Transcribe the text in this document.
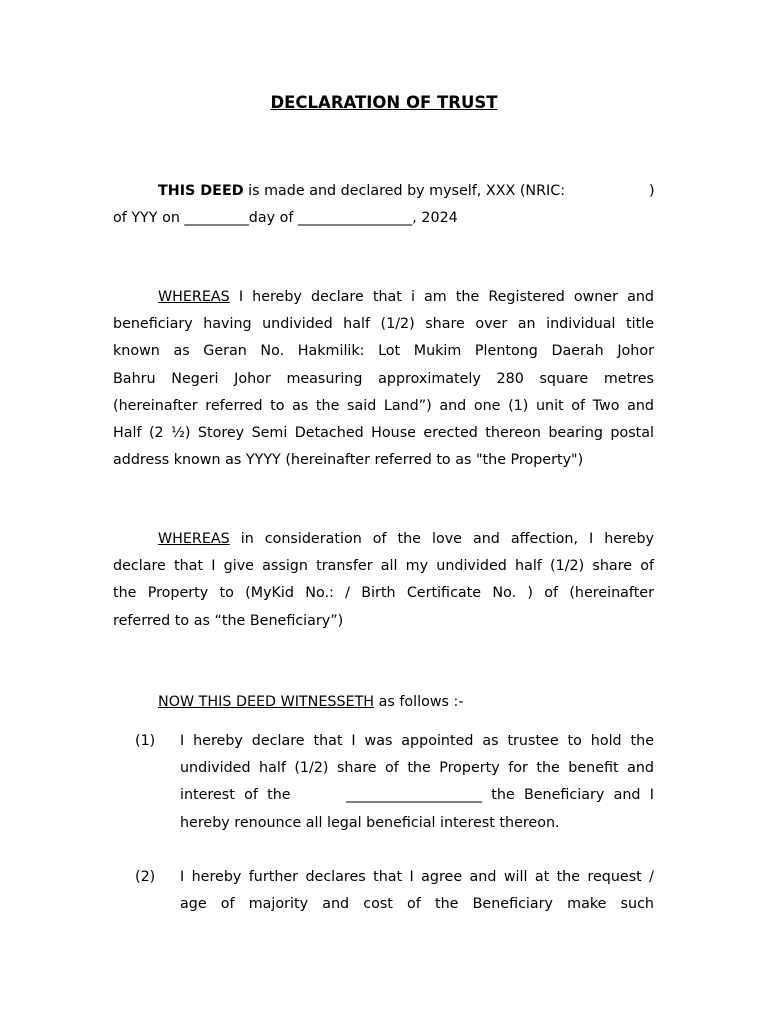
DECLARATION OF TRUST
THIS DEED is made and declared by myself, XXX (NRIC:	)
of YYY on _________day of ________________, 2024
WHEREAS I hereby declare that i am the Registered owner and
beneficiary having undivided half (1/2) share over an individual title
known as Geran No. Hakmilik: Lot Mukim Plentong Daerah Johor
Bahru Negeri Johor measuring approximately 280 square metres
(hereinafter referred to as the said Land”) and one (1) unit of Two and
Half (2 ½) Storey Semi Detached House erected thereon bearing postal
address known as YYYY (hereinafter referred to as "the Property")
WHEREAS in consideration of the love and affection, I hereby
declare that I give assign transfer all my undivided half (1/2) share of
the Property to (MyKid No.: / Birth Certificate No. ) of (hereinafter
referred to as “the Beneficiary”)
NOW THIS DEED WITNESSETH as follows :-
(1) I hereby declare that I was appointed as trustee to hold the
undivided half (1/2) share of the Property for the benefit and
interest of the      ___________________ the Beneficiary and I
hereby renounce all legal beneficial interest thereon.
(2) I hereby further declares that I agree and will at the request /
age of majority and cost of the Beneficiary make such
